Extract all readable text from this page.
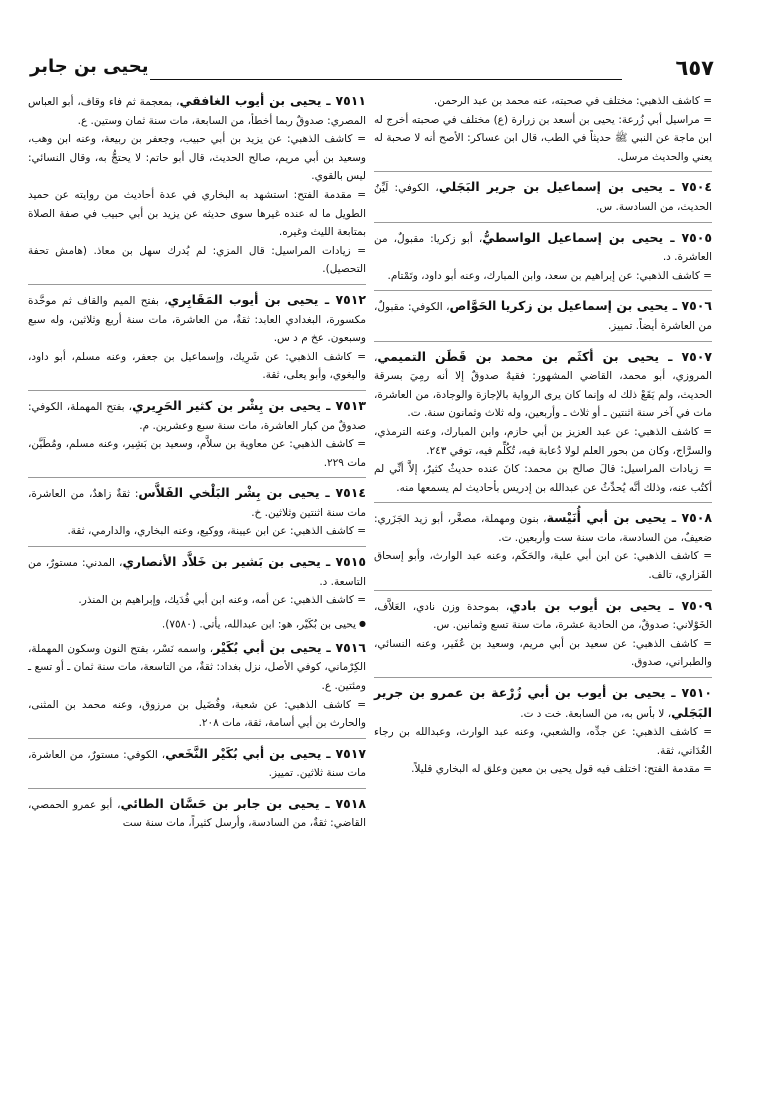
٦٥٧
يحيى بن جابر

= كاشف الذهبي: مختلف في صحبته، عنه محمد بن عبد الرحمن.

= مراسيل أبي زُرعة: يحيى بن أسعد بن زرارة (ع) مختلف في صحبته أخرج له ابن ماجة عن النبي ﷺ حديثاً في الطب، قال ابن عساكر: الأصح أنه لا صحبة له يعني والحديث مرسل.

٧٥٠٤ ـ يحيى بن إسماعيل بن جرير البَجَلي، الكوفي: لَيِّنُ الحديث، من السادسة. س.

٧٥٠٥ ـ يحيى بن إسماعيل الواسطيُّ، أبو زكريا: مقبولٌ، من العاشرة. د.

= كاشف الذهبي: عن إبراهيم بن سعد، وابن المبارك، وعنه أبو داود، وتَمْتام.

٧٥٠٦ ـ يحيى بن إسماعيل بن زكريا الحَوَّاص، الكوفي: مقبولٌ، من العاشرة أيضاً. تمييز.

٧٥٠٧ ـ يحيى بن أكثَم بن محمد بن قَطَن التميمي، المروزي، أبو محمد، القاضي المشهور: فقيهٌ صدوقٌ إلا أنه رمِيَ بسرقة الحديث، ولم يَقَعْ ذلك له وإنما كان يرى الرواية بالإجازة والوجادة، من العاشرة، مات في آخر سنة اثنتين ـ أو ثلاث ـ وأربعين، وله ثلاث وثمانون سنة. ت.

= كاشف الذهبي: عن عبد العزيز بن أبي حازم، وابن المبارك، وعنه الترمذي، والسرَّاج، وكان من بحور العلم لولا دُعابة فيه، تُكُلِّم فيه، توفي ٢٤٣.

= زيادات المراسيل: قالَ صالح بن محمد: كانَ عنده حديثٌ كثيرٌ، إلاَّ أنِّي لم أكتُب عنه، وذلك أنَّه يُحدِّثُ عن عبدالله بن إدريس بأحاديث لم يسمعها منه.

٧٥٠٨ ـ يحيى بن أبي أُنَيْسة، بنون ومهملة، مصغَّر، أبو زيد الجَزَري: ضعيفٌ، من السادسة، مات سنة ست وأربعين. ت.

= كاشف الذهبي: عن ابن أبي علية، والحَكَم، وعنه عبد الوارث، وأبو إسحاق الفَزاري، تالف.

٧٥٠٩ ـ يحيى بن أيوب بن بادي، بموحدة وزن نادي، العَلاَّف، الخَوْلاني: صدوقٌ، من الحادية عشرة، مات سنة تسع وثمانين. س.

= كاشف الذهبي: عن سعيد بن أبي مريم، وسعيد بن عُفَير، وعنه النسائي، والطبراني، صدوق.

٧٥١٠ ـ يحيى بن أيوب بن أبي زُرْعة بن عمرو بن جرير البَجَلي، لا بأس به، من السابعة. خت د ت.

= كاشف الذهبي: عن جدِّه، والشعبي، وعنه عبد الوارث، وعبدالله بن رجاء الغُدَاني، ثقة.

= مقدمة الفتح: اختلف فيه قول يحيى بن معين وعلق له البخاري قليلاً.

٧٥١١ ـ يحيى بن أيوب الغافقي، بمعجمة ثم فاء وقاف، أبو العباس المصري: صدوقٌ ربما أخطأ، من السابعة، مات سنة ثمان وستين. ع.

= كاشف الذهبي: عن يزيد بن أبي حبيب، وجعفر بن ربيعة، وعنه ابن وهب، وسعيد بن أبي مريم، صالح الحديث، قال أبو حاتم: لا يحتجُّ به، وقال النسائي: ليس بالقوي.

= مقدمة الفتح: استشهد به البخاري في عدة أحاديث من روايته عن حميد الطويل ما له عنده غيرها سوى حديثه عن يزيد بن أبي حبيب في صفة الصلاة بمتابعة الليث وغيره.

= زيادات المراسيل: قال المزي: لم يُدرك سهل بن معاذ. (هامش تحفة التحصيل).

٧٥١٢ ـ يحيى بن أيوب المَقَابِري، بفتح الميم والقاف ثم موحَّدة مكسورة، البغدادي العابد: ثقةٌ، من العاشرة، مات سنة أربع وثلاثين، وله سبع وسبعون. عخ م د س.

= كاشف الذهبي: عن شَرِيك، وإسماعيل بن جعفر، وعنه مسلم، أبو داود، والبغوي، وأبو يعلى، ثقة.

٧٥١٣ ـ يحيى بن بِشْر بن كثير الحَرِيري، بفتح المهملة، الكوفي: صدوقٌ من كبار العاشرة، مات سنة سبع وعشرين. م.

= كاشف الذهبي: عن معاوية بن سلاَّم، وسعيد بن بَشِير، وعنه مسلم، ومُطَيَّن، مات ٢٢٩.

٧٥١٤ ـ يحيى بن بِشْر البَلْخي الفَلاَّس: ثقةٌ زاهدٌ، من العاشرة، مات سنة اثنتين وثلاثين. خ.

= كاشف الذهبي: عن ابن عيينة، ووكيع، وعنه البخاري، والدارمي، ثقة.

٧٥١٥ ـ يحيى بن بَشير بن خَلاَّد الأنصاري، المدني: مستورٌ، من التاسعة. د.

= كاشف الذهبي: عن أمه، وعنه ابن أبي فُدَيك، وإبراهيم بن المنذر.

●يحيى بن بُكَيْر، هو: ابن عبدالله، يأتي. (٧٥٨٠).

٧٥١٦ ـ يحيى بن أبي بُكَيْر، واسمه نَسْر، بفتح النون وسكون المهملة، الكِرْماني، كوفي الأصل، نزل بغداد: ثقةٌ، من التاسعة، مات سنة ثمان ـ أو تسع ـ ومئتين. ع.

= كاشف الذهبي: عن شعبة، وفُضَيل بن مرزوق، وعنه محمد بن المثنى، والحارث بن أبي أسامة، ثقة، مات ٢٠٨.

٧٥١٧ ـ يحيى بن أبي بُكَيْر النَّخَعي، الكوفي: مستورٌ، من العاشرة، مات سنة ثلاثين. تمييز.

٧٥١٨ ـ يحيى بن جابر بن حَسَّان الطائي، أبو عمرو الحمصي، القاضي: ثقةٌ، من السادسة، وأرسل كثيراً، مات سنة ست
